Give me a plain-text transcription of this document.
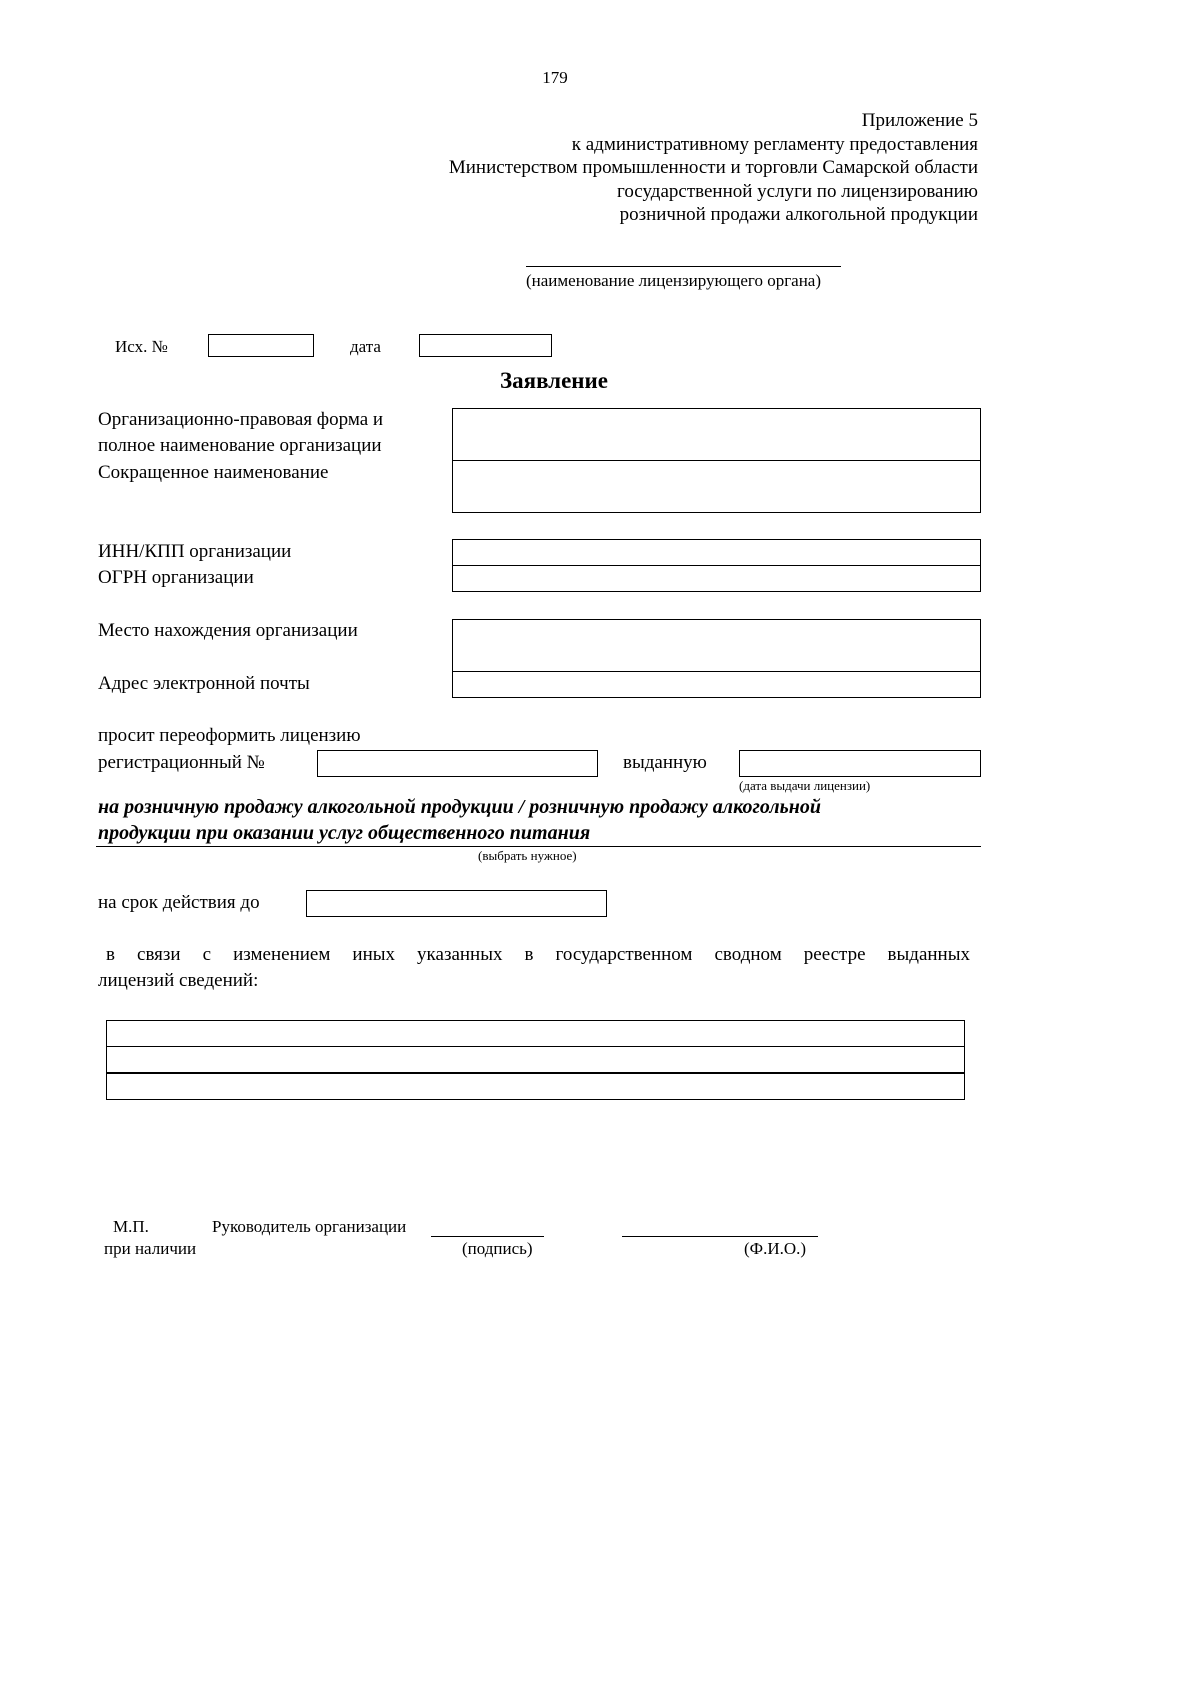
179
Приложение 5
к административному регламенту предоставления
Министерством промышленности и торговли Самарской области
государственной услуги по лицензированию
розничной продажи алкогольной продукции
(наименование лицензирующего органа)
Исх. №	дата
Заявление
Организационно-правовая форма и
полное наименование организации
Сокращенное наименование
ИНН/КПП организации
ОГРН организации
Место нахождения организации
Адрес электронной почты
просит переоформить лицензию
регистрационный №	выданную
(дата выдачи лицензии)
на розничную продажу алкогольной продукции / розничную продажу алкогольной
продукции при оказании услуг общественного питания
(выбрать нужное)
на срок действия до
в связи с изменением иных указанных в государственном сводном реестре выданных
лицензий сведений:
М.П.
при наличии
Руководитель организации
(подпись)	(Ф.И.О.)
